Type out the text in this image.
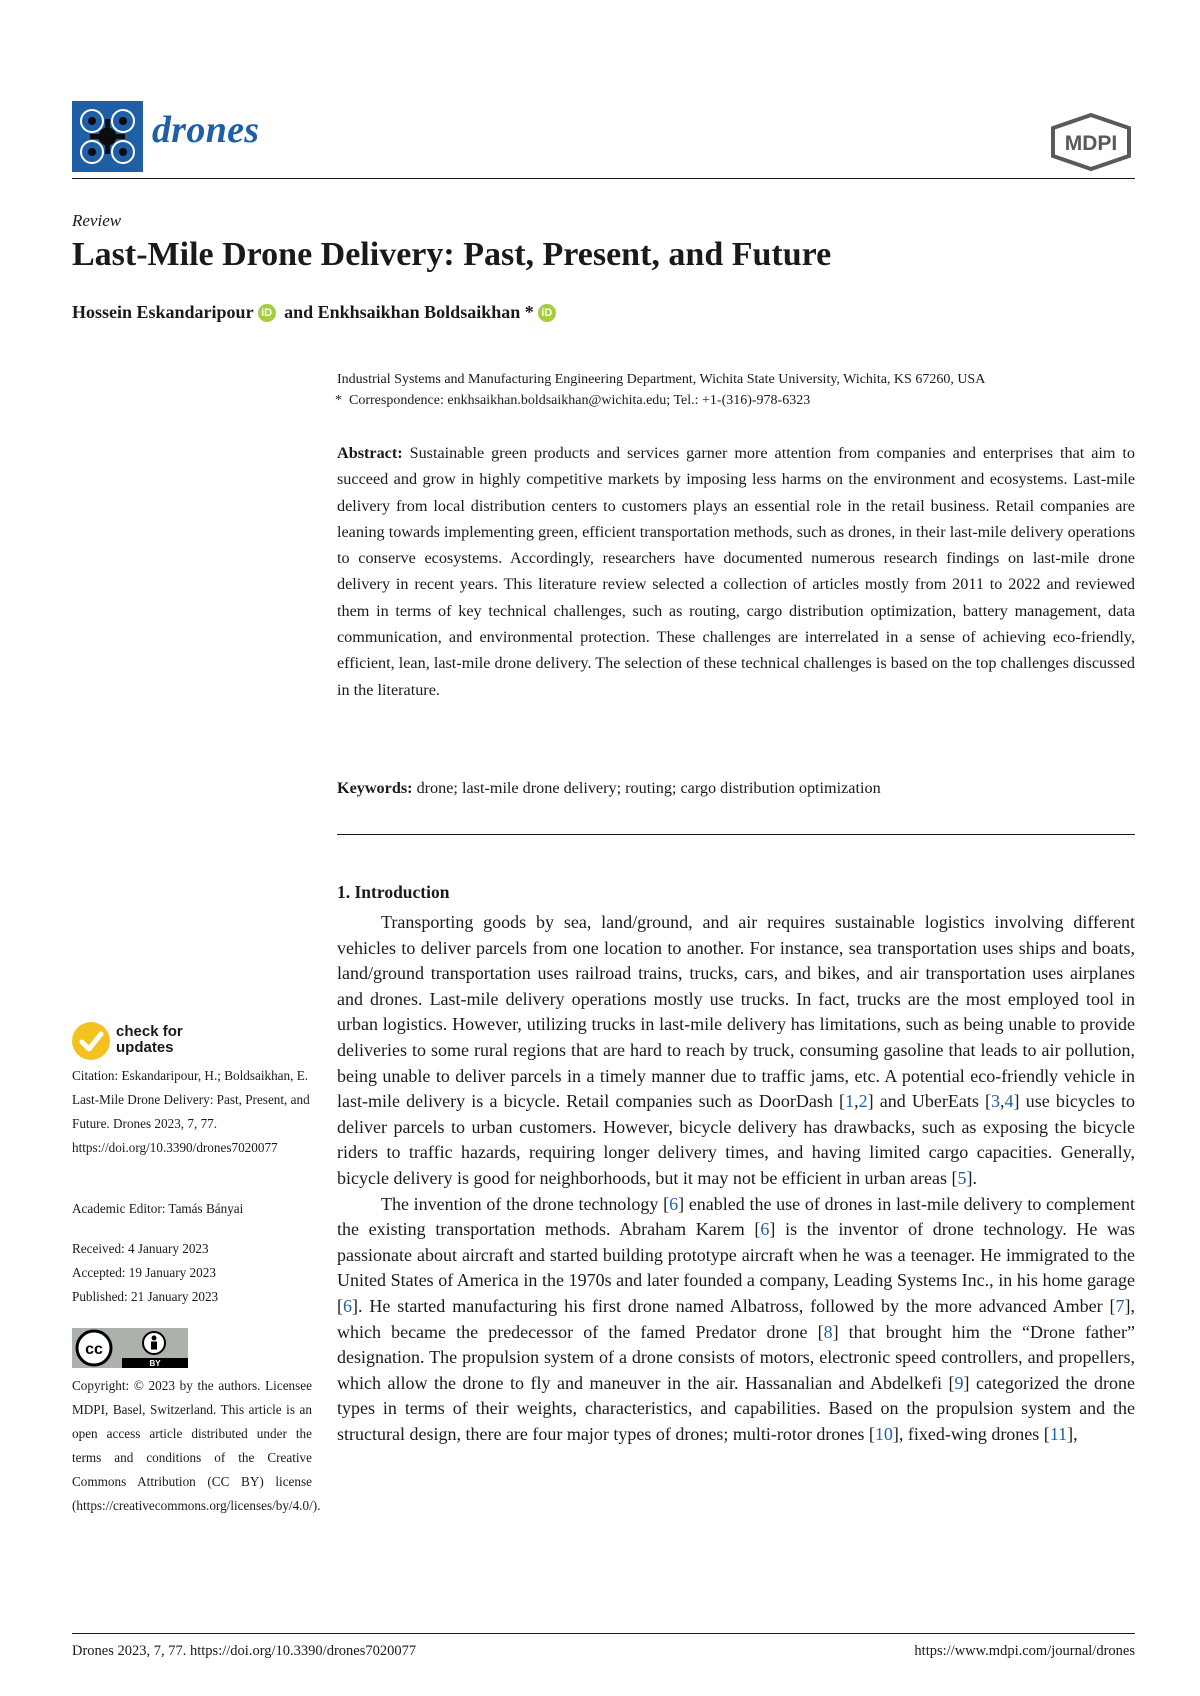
drones	MDPI
Review
Last-Mile Drone Delivery: Past, Present, and Future
Hossein Eskandaripour iD and Enkhsaikhan Boldsaikhan * iD
Industrial Systems and Manufacturing Engineering Department, Wichita State University, Wichita, KS 67260, USA
* Correspondence: enkhsaikhan.boldsaikhan@wichita.edu; Tel.: +1-(316)-978-6323
Abstract: Sustainable green products and services garner more attention from companies and enterprises that aim to succeed and grow in highly competitive markets by imposing less harms on the environment and ecosystems. Last-mile delivery from local distribution centers to customers plays an essential role in the retail business. Retail companies are leaning towards implementing green, efficient transportation methods, such as drones, in their last-mile delivery operations to conserve ecosystems. Accordingly, researchers have documented numerous research findings on last-mile drone delivery in recent years. This literature review selected a collection of articles mostly from 2011 to 2022 and reviewed them in terms of key technical challenges, such as routing, cargo distribution optimization, battery management, data communication, and environmental protection. These challenges are interrelated in a sense of achieving eco-friendly, efficient, lean, last-mile drone delivery. The selection of these technical challenges is based on the top challenges discussed in the literature.
Keywords: drone; last-mile drone delivery; routing; cargo distribution optimization
1. Introduction

Transporting goods by sea, land/ground, and air requires sustainable logistics involving different vehicles to deliver parcels from one location to another. For instance, sea transportation uses ships and boats, land/ground transportation uses railroad trains, trucks, cars, and bikes, and air transportation uses airplanes and drones. Last-mile delivery operations mostly use trucks. In fact, trucks are the most employed tool in urban logistics. However, utilizing trucks in last-mile delivery has limitations, such as being unable to provide deliveries to some rural regions that are hard to reach by truck, consuming gasoline that leads to air pollution, being unable to deliver parcels in a timely manner due to traffic jams, etc. A potential eco-friendly vehicle in last-mile delivery is a bicycle. Retail companies such as DoorDash [1,2] and UberEats [3,4] use bicycles to deliver parcels to urban customers. However, bicycle delivery has drawbacks, such as exposing the bicycle riders to traffic hazards, requiring longer delivery times, and having limited cargo capacities. Generally, bicycle delivery is good for neighborhoods, but it may not be efficient in urban areas [5].

The invention of the drone technology [6] enabled the use of drones in last-mile delivery to complement the existing transportation methods. Abraham Karem [6] is the inventor of drone technology. He was passionate about aircraft and started building prototype aircraft when he was a teenager. He immigrated to the United States of America in the 1970s and later founded a company, Leading Systems Inc., in his home garage [6]. He started manufacturing his first drone named Albatross, followed by the more advanced Amber [7], which became the predecessor of the famed Predator drone [8] that brought him the “Drone father” designation. The propulsion system of a drone consists of motors, electronic speed controllers, and propellers, which allow the drone to fly and maneuver in the air. Hassanalian and Abdelkefi [9] categorized the drone types in terms of their weights, characteristics, and capabilities. Based on the propulsion system and the structural design, there are four major types of drones; multi-rotor drones [10], fixed-wing drones [11],

check for
updates
Citation: Eskandaripour, H.; Boldsaikhan, E. Last-Mile Drone Delivery: Past, Present, and Future. Drones 2023, 7, 77. https://doi.org/10.3390/drones7020077
Academic Editor: Tamás Bányai
Received: 4 January 2023
Accepted: 19 January 2023
Published: 21 January 2023
cc
BY
Copyright: © 2023 by the authors. Licensee MDPI, Basel, Switzerland. This article is an open access article distributed under the terms and conditions of the Creative Commons Attribution (CC BY) license (https://creativecommons.org/licenses/by/4.0/).
Drones 2023, 7, 77. https://doi.org/10.3390/drones7020077	https://www.mdpi.com/journal/drones
